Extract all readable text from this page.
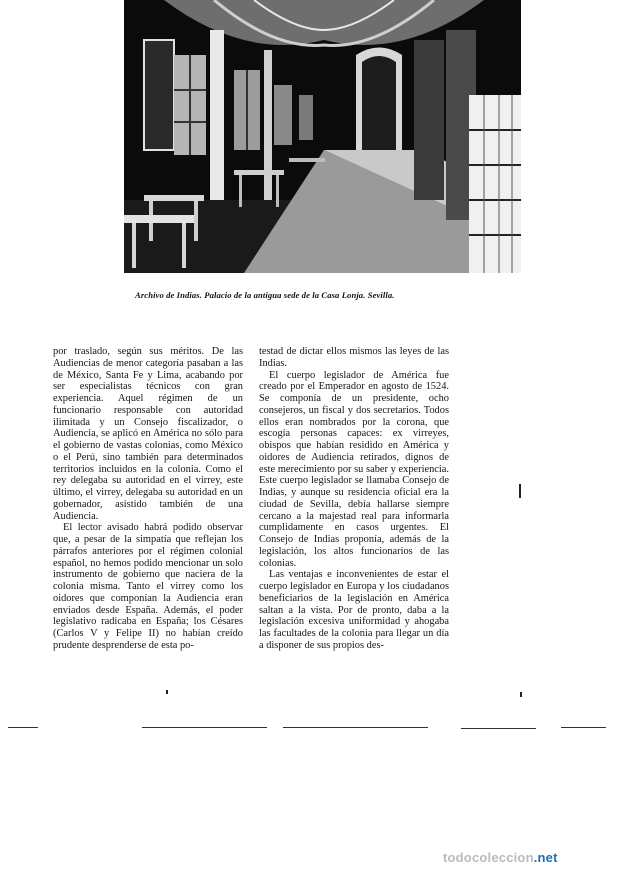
Archivo de Indias. Palacio de la antigua sede de la Casa Lonja. Sevilla.

por traslado, según sus méritos. De las Audiencias de menor categoría pasaban a las de México, Santa Fe y Lima, acabando por ser especialistas técnicos con gran experiencia. Aquel régimen de un funcionario responsable con autoridad ilimitada y un Consejo fiscalizador, o Audiencia, se aplicó en América no sólo para el gobierno de vastas colonias, como México o el Perú, sino también para determinados territorios incluidos en la colonia. Como el rey delegaba su autoridad en el virrey, este último, el virrey, delegaba su autoridad en un gobernador, asistido también de una Audiencia.

El lector avisado habrá podido observar que, a pesar de la simpatía que reflejan los párrafos anteriores por el régimen colonial español, no hemos podido mencionar un solo instrumento de gobierno que naciera de la colonia misma. Tanto el virrey como los oidores que componían la Audiencia eran enviados desde España. Además, el poder legislativo radicaba en España; los Césares (Carlos V y Felipe II) no habían creído prudente desprenderse de esta po-

testad de dictar ellos mismos las leyes de las Indias.

El cuerpo legislador de América fue creado por el Emperador en agosto de 1524. Se componía de un presidente, ocho consejeros, un fiscal y dos secretarios. Todos ellos eran nombrados por la corona, que escogía personas capaces: ex virreyes, obispos que habían residido en América y oidores de Audiencia retirados, dignos de este merecimiento por su saber y experiencia. Este cuerpo legislador se llamaba Consejo de Indias, y aunque su residencia oficial era la ciudad de Sevilla, debía hallarse siempre cercano a la majestad real para informarla cumplidamente en casos urgentes. El Consejo de Indias proponía, además de la legislación, los altos funcionarios de las colonias.

Las ventajas e inconvenientes de estar el cuerpo legislador en Europa y los ciudadanos beneficiarios de la legislación en América saltan a la vista. Por de pronto, daba a la legislación excesiva uniformidad y ahogaba las facultades de la colonia para llegar un día a disponer de sus propios des-

todocoleccion.net
